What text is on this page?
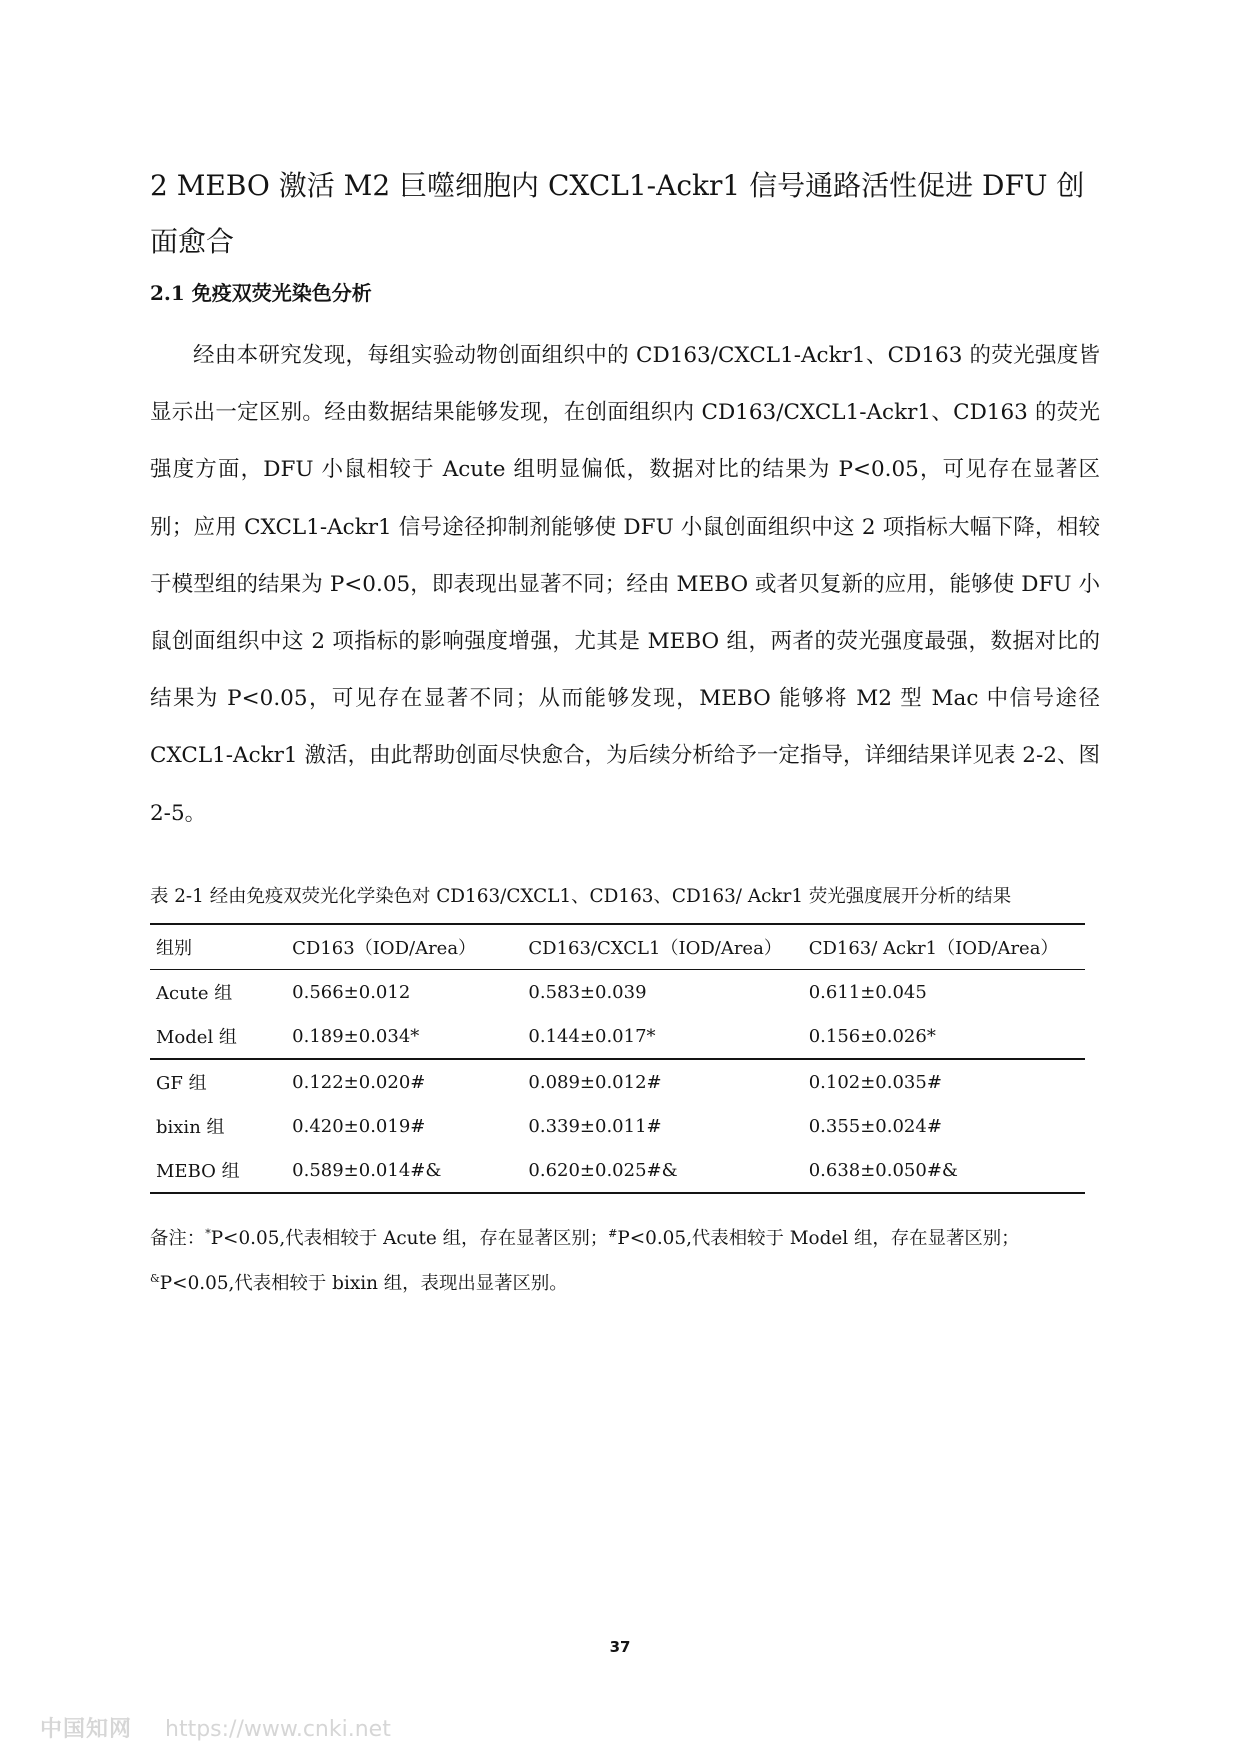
2 MEBO 激活 M2 巨噬细胞内 CXCL1-Ackr1 信号通路活性促进 DFU 创面愈合
2.1 免疫双荧光染色分析

经由本研究发现，每组实验动物创面组织中的 CD163/CXCL1-Ackr1、CD163 的荧光强度皆显示出一定区别。经由数据结果能够发现，在创面组织内 CD163/CXCL1-Ackr1、CD163 的荧光强度方面，DFU 小鼠相较于 Acute 组明显偏低，数据对比的结果为 P<0.05，可见存在显著区别；应用 CXCL1-Ackr1 信号途径抑制剂能够使 DFU 小鼠创面组织中这 2 项指标大幅下降，相较于模型组的结果为 P<0.05，即表现出显著不同；经由 MEBO 或者贝复新的应用，能够使 DFU 小鼠创面组织中这 2 项指标的影响强度增强，尤其是 MEBO 组，两者的荧光强度最强，数据对比的结果为 P<0.05，可见存在显著不同；从而能够发现，MEBO 能够将 M2 型 Mac 中信号途径 CXCL1-Ackr1 激活，由此帮助创面尽快愈合，为后续分析给予一定指导，详细结果详见表 2-2、图 2-5。

表 2-1 经由免疫双荧光化学染色对 CD163/CXCL1、CD163、CD163/ Ackr1 荧光强度展开分析的结果
组别	CD163（IOD/Area）	CD163/CXCL1（IOD/Area）	CD163/ Ackr1（IOD/Area）
Acute 组	0.566±0.012	0.583±0.039	0.611±0.045
Model 组	0.189±0.034*	0.144±0.017*	0.156±0.026*
GF 组	0.122±0.020#	0.089±0.012#	0.102±0.035#
bixin 组	0.420±0.019#	0.339±0.011#	0.355±0.024#
MEBO 组	0.589±0.014#&	0.620±0.025#&	0.638±0.050#&

备注：*P<0.05,代表相较于 Acute 组，存在显著区别；#P<0.05,代表相较于 Model 组，存在显著区别；
&P<0.05,代表相较于 bixin 组，表现出显著区别。

37
中国知网 https://www.cnki.net
